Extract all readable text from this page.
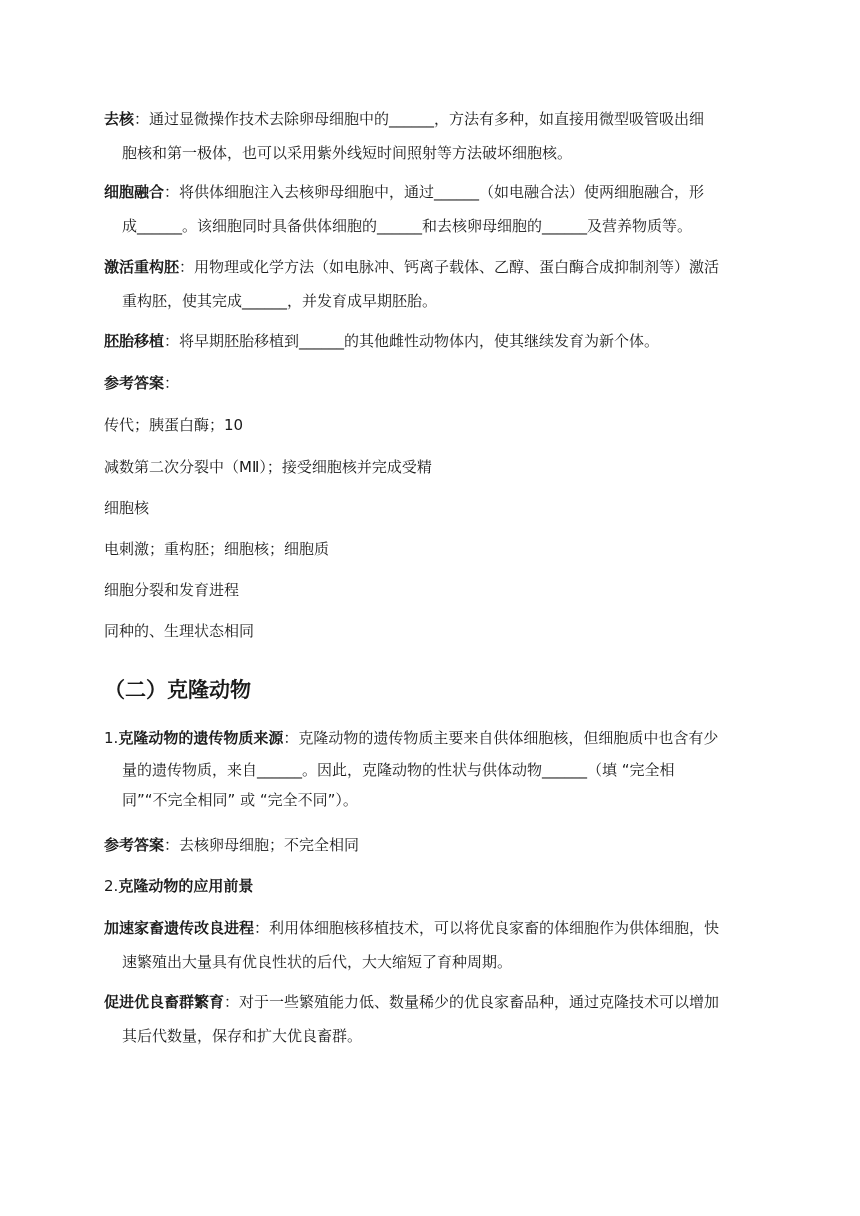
去核：通过显微操作技术去除卵母细胞中的______，方法有多种，如直接用微型吸管吸出细
胞核和第一极体，也可以采用紫外线短时间照射等方法破坏细胞核。
细胞融合：将供体细胞注入去核卵母细胞中，通过______（如电融合法）使两细胞融合，形
成______。该细胞同时具备供体细胞的______和去核卵母细胞的______及营养物质等。
激活重构胚：用物理或化学方法（如电脉冲、钙离子载体、乙醇、蛋白酶合成抑制剂等）激活
重构胚，使其完成______，并发育成早期胚胎。
胚胎移植：将早期胚胎移植到______的其他雌性动物体内，使其继续发育为新个体。
参考答案：
传代；胰蛋白酶；10
减数第二次分裂中（MⅡ）；接受细胞核并完成受精
细胞核
电刺激；重构胚；细胞核；细胞质
细胞分裂和发育进程
同种的、生理状态相同
（二）克隆动物
1.克隆动物的遗传物质来源：克隆动物的遗传物质主要来自供体细胞核，但细胞质中也含有少
量的遗传物质，来自______。因此，克隆动物的性状与供体动物______（填 “完全相
同”“不完全相同” 或 “完全不同”）。
参考答案：去核卵母细胞；不完全相同
2.克隆动物的应用前景
加速家畜遗传改良进程：利用体细胞核移植技术，可以将优良家畜的体细胞作为供体细胞，快
速繁殖出大量具有优良性状的后代，大大缩短了育种周期。
促进优良畜群繁育：对于一些繁殖能力低、数量稀少的优良家畜品种，通过克隆技术可以增加
其后代数量，保存和扩大优良畜群。
